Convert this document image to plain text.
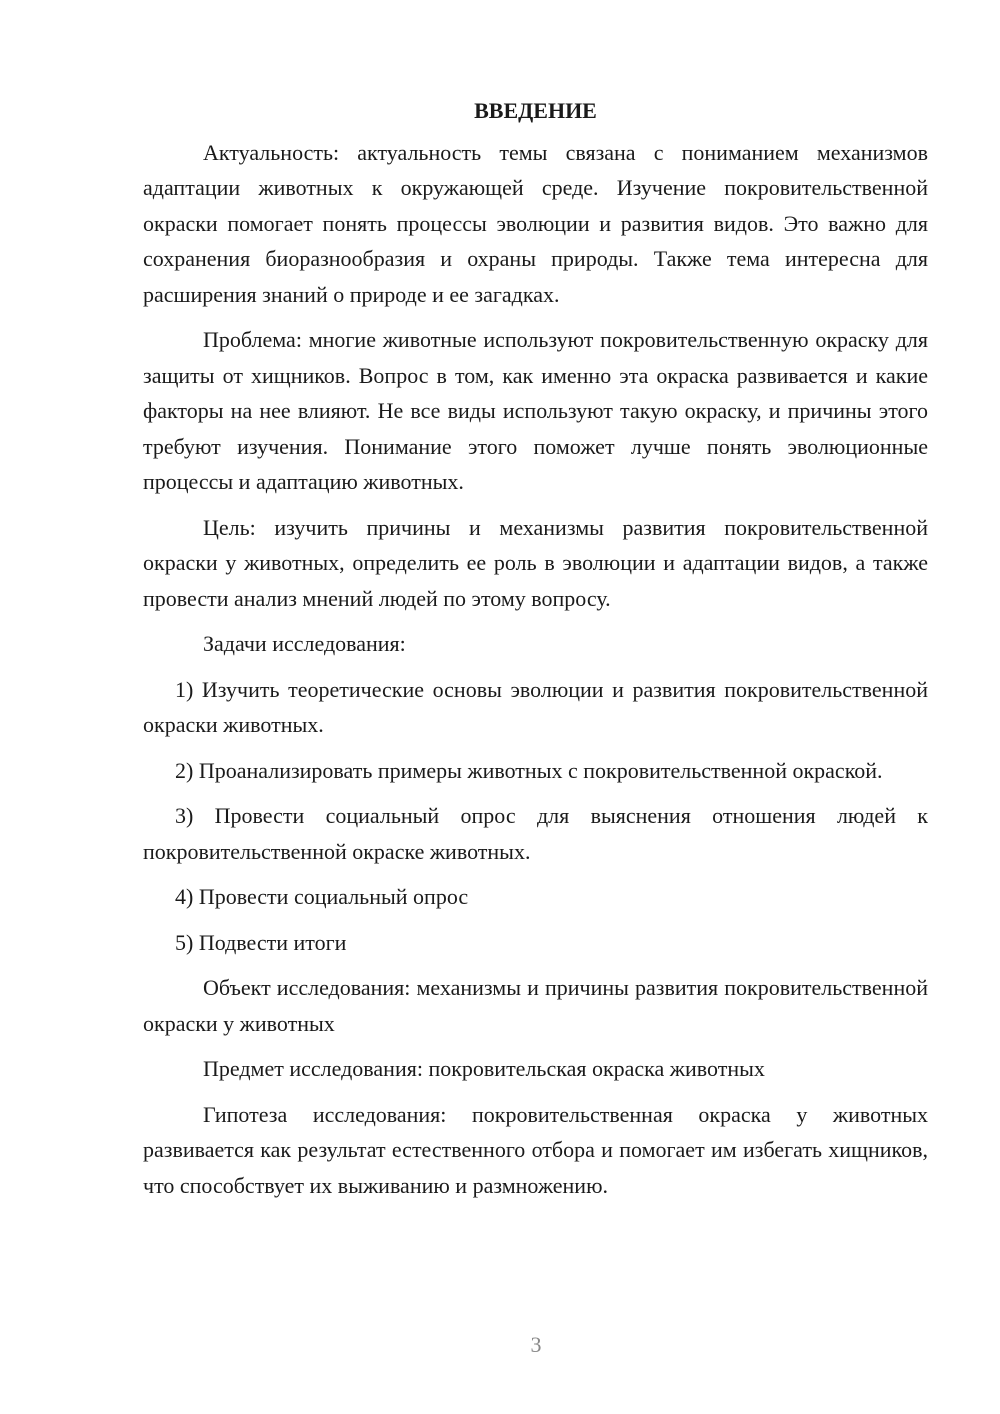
ВВЕДЕНИЕ

Актуальность: актуальность темы связана с пониманием механизмов адаптации животных к окружающей среде. Изучение покровительственной окраски помогает понять процессы эволюции и развития видов. Это важно для сохранения биоразнообразия и охраны природы. Также тема интересна для расширения знаний о природе и ее загадках.

Проблема: многие животные используют покровительственную окраску для защиты от хищников. Вопрос в том, как именно эта окраска развивается и какие факторы на нее влияют. Не все виды используют такую окраску, и причины этого требуют изучения. Понимание этого поможет лучше понять эволюционные процессы и адаптацию животных.

Цель: изучить причины и механизмы развития покровительственной окраски у животных, определить ее роль в эволюции и адаптации видов, а также провести анализ мнений людей по этому вопросу.

Задачи исследования:

1) Изучить теоретические основы эволюции и развития покровительственной окраски животных.

2) Проанализировать примеры животных с покровительственной окраской.

3) Провести социальный опрос для выяснения отношения людей к покровительственной окраске животных.

4) Провести социальный опрос

5) Подвести итоги

Объект исследования: механизмы и причины развития покровительственной окраски у животных

Предмет исследования: покровительская окраска животных

Гипотеза исследования: покровительственная окраска у животных развивается как результат естественного отбора и помогает им избегать хищников, что способствует их выживанию и размножению.

3
